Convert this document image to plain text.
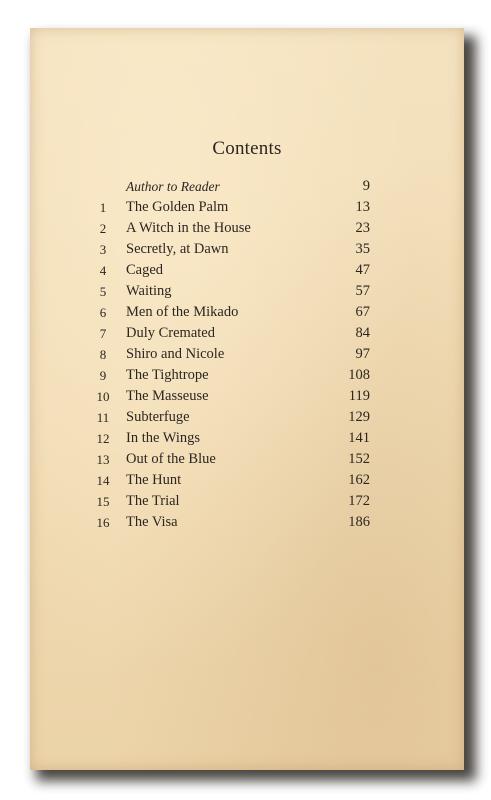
Contents
Author to Reader	9
1	The Golden Palm	13
2	A Witch in the House	23
3	Secretly, at Dawn	35
4	Caged	47
5	Waiting	57
6	Men of the Mikado	67
7	Duly Cremated	84
8	Shiro and Nicole	97
9	The Tightrope	108
10	The Masseuse	119
11	Subterfuge	129
12	In the Wings	141
13	Out of the Blue	152
14	The Hunt	162
15	The Trial	172
16	The Visa	186
